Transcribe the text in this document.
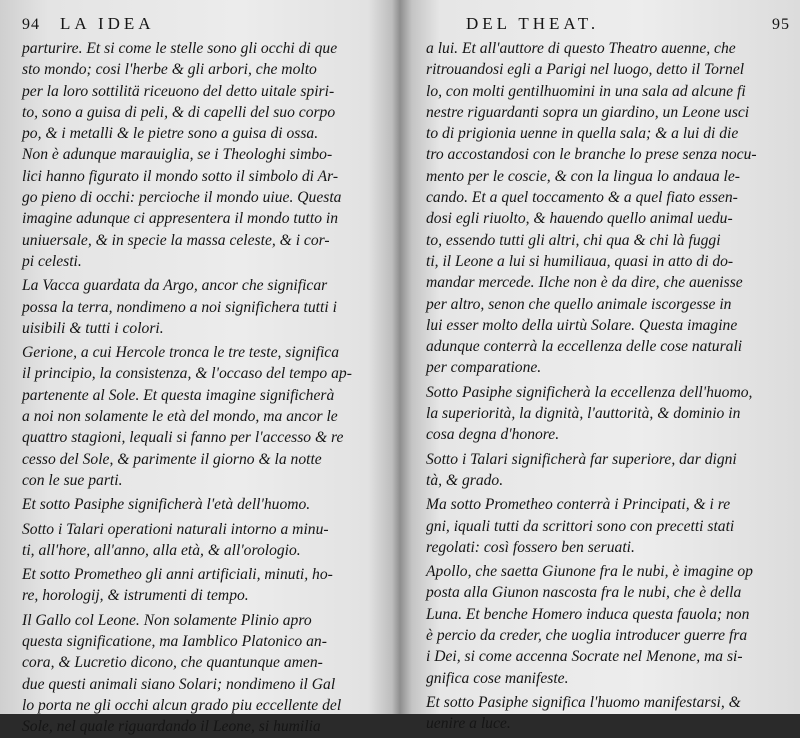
94 LA IDEA
parturire. Et si come le stelle sono gli occhi di que
sto mondo; cosi l'herbe & gli arbori, che molto
per la loro sottilitä riceuono del detto uitale spiri-
to, sono a guisa di peli, & di capelli del suo corpo
po, & i metalli & le pietre sono a guisa di ossa.
Non è adunque marauiglia, se i Theologhi simbo-
lici hanno figurato il mondo sotto il simbolo di Ar-
go pieno di occhi: percioche il mondo uiue. Questa
imagine adunque ci appresentera il mondo tutto in
uniuersale, & in specie la massa celeste, & i cor-
pi celesti.
La Vacca guardata da Argo, ancor che significar
possa la terra, nondimeno a noi significhera tutti i
uisibili & tutti i colori.
Gerione, a cui Hercole tronca le tre teste, significa
il principio, la consistenza, & l'occaso del tempo ap-
partenente al Sole. Et questa imagine significherà
a noi non solamente le età del mondo, ma ancor le
quattro stagioni, lequali si fanno per l'accesso & re
cesso del Sole, & parimente il giorno & la notte
con le sue parti.
Et sotto Pasiphe significherà l'età dell'huomo.
Sotto i Talari operationi naturali intorno a minu-
ti, all'hore, all'anno, alla età, & all'orologio.
Et sotto Prometheo gli anni artificiali, minuti, ho-
re, horologij, & istrumenti di tempo.
Il Gallo col Leone. Non solamente Plinio apro
questa significatione, ma Iamblico Platonico an-
cora, & Lucretio dicono, che quantunque amen-
due questi animali siano Solari; nondimeno il Gal
lo porta ne gli occhi alcun grado piu eccellente del
Sole, nel quale riguardando il Leone, si humilia
DEL THEAT.	95
a lui. Et all'auttore di questo Theatro auenne, che
ritrouandosi egli a Parigi nel luogo, detto il Tornel
lo, con molti gentilhuomini in una sala ad alcune fi
nestre riguardanti sopra un giardino, un Leone usci
to di prigionia uenne in quella sala; & a lui di die
tro accostandosi con le branche lo prese senza nocu-
mento per le coscie, & con la lingua lo andaua le-
cando. Et a quel toccamento & a quel fiato essen-
dosi egli riuolto, & hauendo quello animal uedu-
to, essendo tutti gli altri, chi qua & chi là fuggi
ti, il Leone a lui si humiliaua, quasi in atto di do-
mandar mercede. Ilche non è da dire, che auenisse
per altro, senon che quello animale iscorgesse in
lui esser molto della uirtù Solare. Questa imagine
adunque conterrà la eccellenza delle cose naturali
per comparatione.
Sotto Pasiphe significherà la eccellenza dell'huomo,
la superiorità, la dignità, l'auttorità, & dominio in
cosa degna d'honore.
Sotto i Talari significherà far superiore, dar digni
tà, & grado.
Ma sotto Prometheo conterrà i Principati, & i re
gni, iquali tutti da scrittori sono con precetti stati
regolati: così fossero ben seruati.
Apollo, che saetta Giunone fra le nubi, è imagine op
posta alla Giunon nascosta fra le nubi, che è della
Luna. Et benche Homero induca questa fauola; non
è percio da creder, che uoglia introducer guerre fra
i Dei, si come accenna Socrate nel Menone, ma si-
gnifica cose manifeste.
Et sotto Pasiphe significa l'huomo manifestarsi, &
uenire a luce.
